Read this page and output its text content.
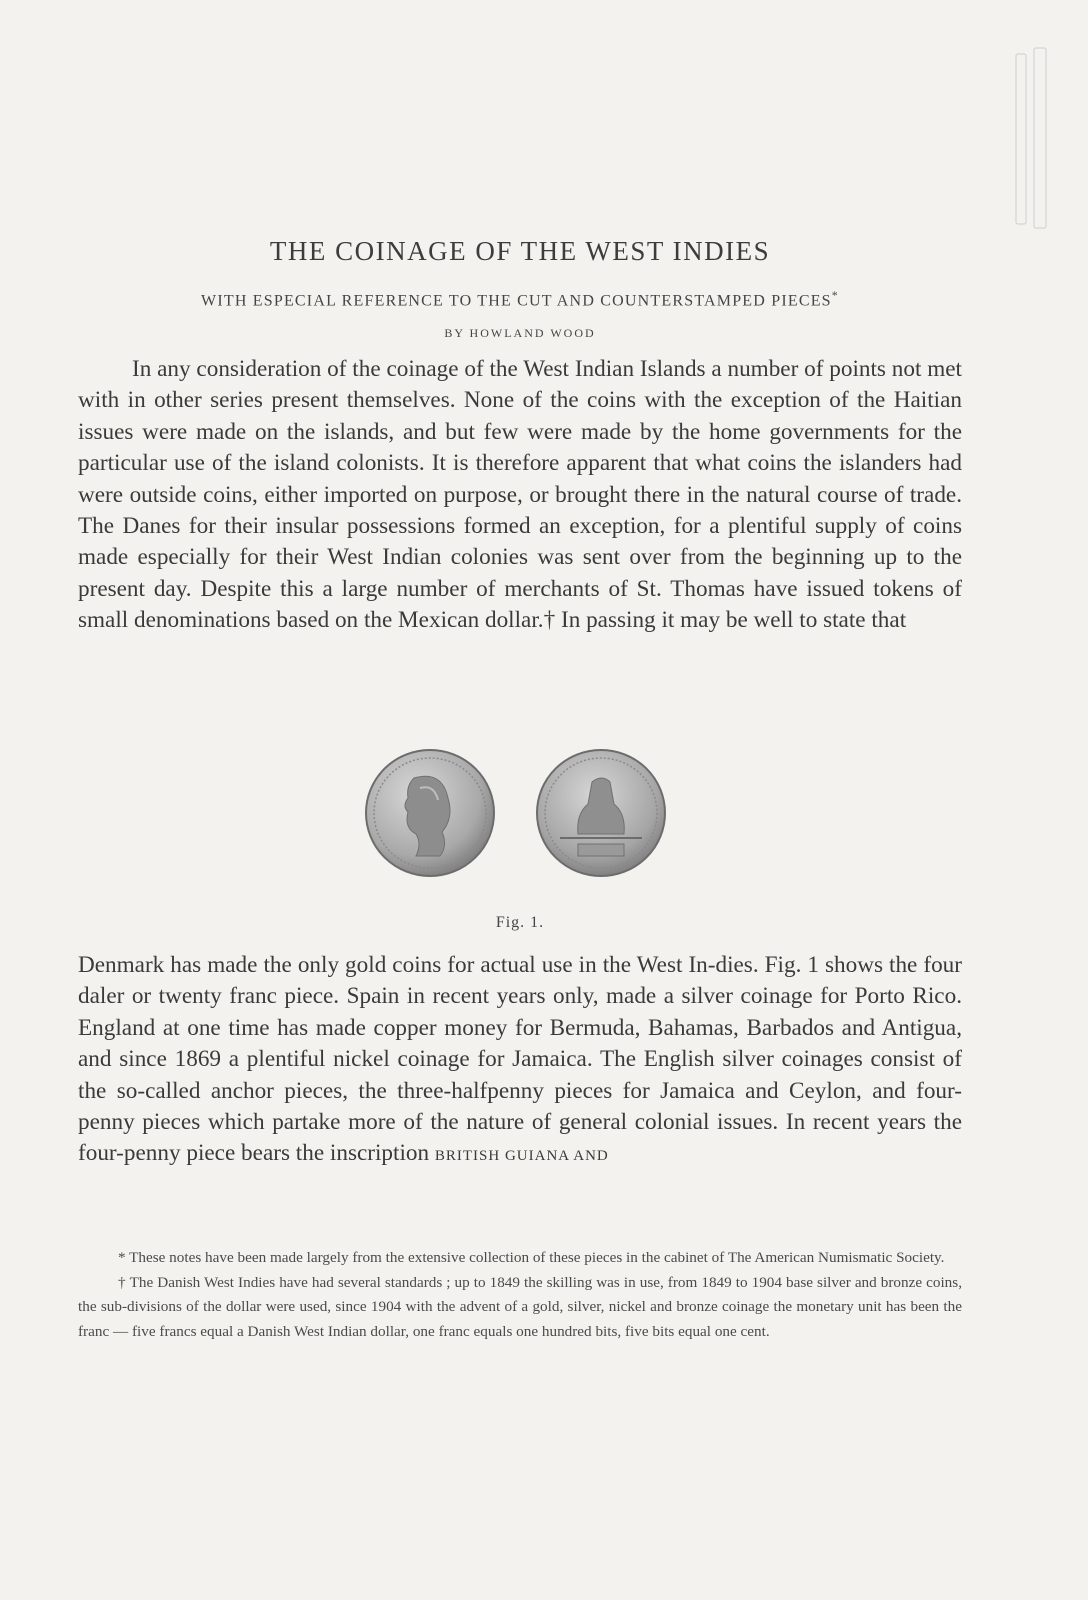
THE COINAGE OF THE WEST INDIES
WITH ESPECIAL REFERENCE TO THE CUT AND COUNTERSTAMPED PIECES*
BY HOWLAND WOOD

In any consideration of the coinage of the West Indian Islands a number of points not met with in other series present themselves. None of the coins with the exception of the Haitian issues were made on the islands, and but few were made by the home governments for the particular use of the island colonists. It is therefore apparent that what coins the islanders had were outside coins, either imported on purpose, or brought there in the natural course of trade. The Danes for their insular possessions formed an exception, for a plentiful supply of coins made especially for their West Indian colonies was sent over from the beginning up to the present day. Despite this a large number of merchants of St. Thomas have issued tokens of small denominations based on the Mexican dollar.† In passing it may be well to state that

Fig. 1.

Denmark has made the only gold coins for actual use in the West In-dies. Fig. 1 shows the four daler or twenty franc piece. Spain in recent years only, made a silver coinage for Porto Rico. England at one time has made copper money for Bermuda, Bahamas, Barbados and Antigua, and since 1869 a plentiful nickel coinage for Jamaica. The English silver coinages consist of the so-called anchor pieces, the three-halfpenny pieces for Jamaica and Ceylon, and four-penny pieces which partake more of the nature of general colonial issues. In recent years the four-penny piece bears the inscription BRITISH GUIANA AND

* These notes have been made largely from the extensive collection of these pieces in the cabinet of The American Numismatic Society.

† The Danish West Indies have had several standards ; up to 1849 the skilling was in use, from 1849 to 1904 base silver and bronze coins, the sub-divisions of the dollar were used, since 1904 with the advent of a gold, silver, nickel and bronze coinage the monetary unit has been the franc — five francs equal a Danish West Indian dollar, one franc equals one hundred bits, five bits equal one cent.
